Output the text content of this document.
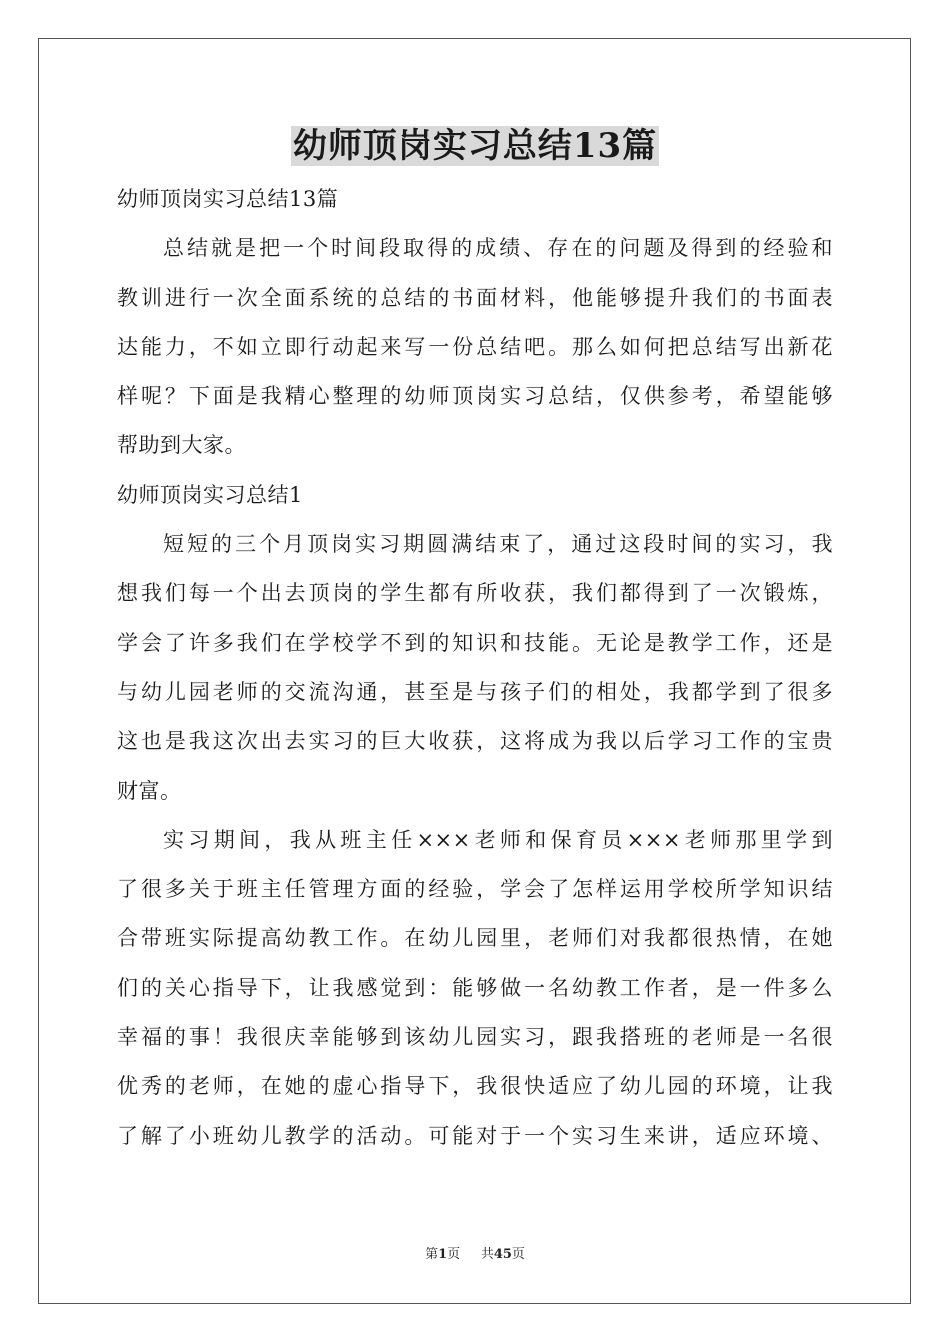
幼师顶岗实习总结13篇
幼师顶岗实习总结13篇
总结就是把一个时间段取得的成绩、存在的问题及得到的经验和
教训进行一次全面系统的总结的书面材料，他能够提升我们的书面表
达能力，不如立即行动起来写一份总结吧。那么如何把总结写出新花
样呢？下面是我精心整理的幼师顶岗实习总结，仅供参考，希望能够
帮助到大家。
幼师顶岗实习总结1
短短的三个月顶岗实习期圆满结束了，通过这段时间的实习，我
想我们每一个出去顶岗的学生都有所收获，我们都得到了一次锻炼，
学会了许多我们在学校学不到的知识和技能。无论是教学工作，还是
与幼儿园老师的交流沟通，甚至是与孩子们的相处，我都学到了很多
这也是我这次出去实习的巨大收获，这将成为我以后学习工作的宝贵
财富。
实习期间，我从班主任×××老师和保育员×××老师那里学到
了很多关于班主任管理方面的经验，学会了怎样运用学校所学知识结
合带班实际提高幼教工作。在幼儿园里，老师们对我都很热情，在她
们的关心指导下，让我感觉到：能够做一名幼教工作者，是一件多么
幸福的事！我很庆幸能够到该幼儿园实习，跟我搭班的老师是一名很
优秀的老师，在她的虚心指导下，我很快适应了幼儿园的环境，让我
了解了小班幼儿教学的活动。可能对于一个实习生来讲，适应环境、
第1页 共45页
